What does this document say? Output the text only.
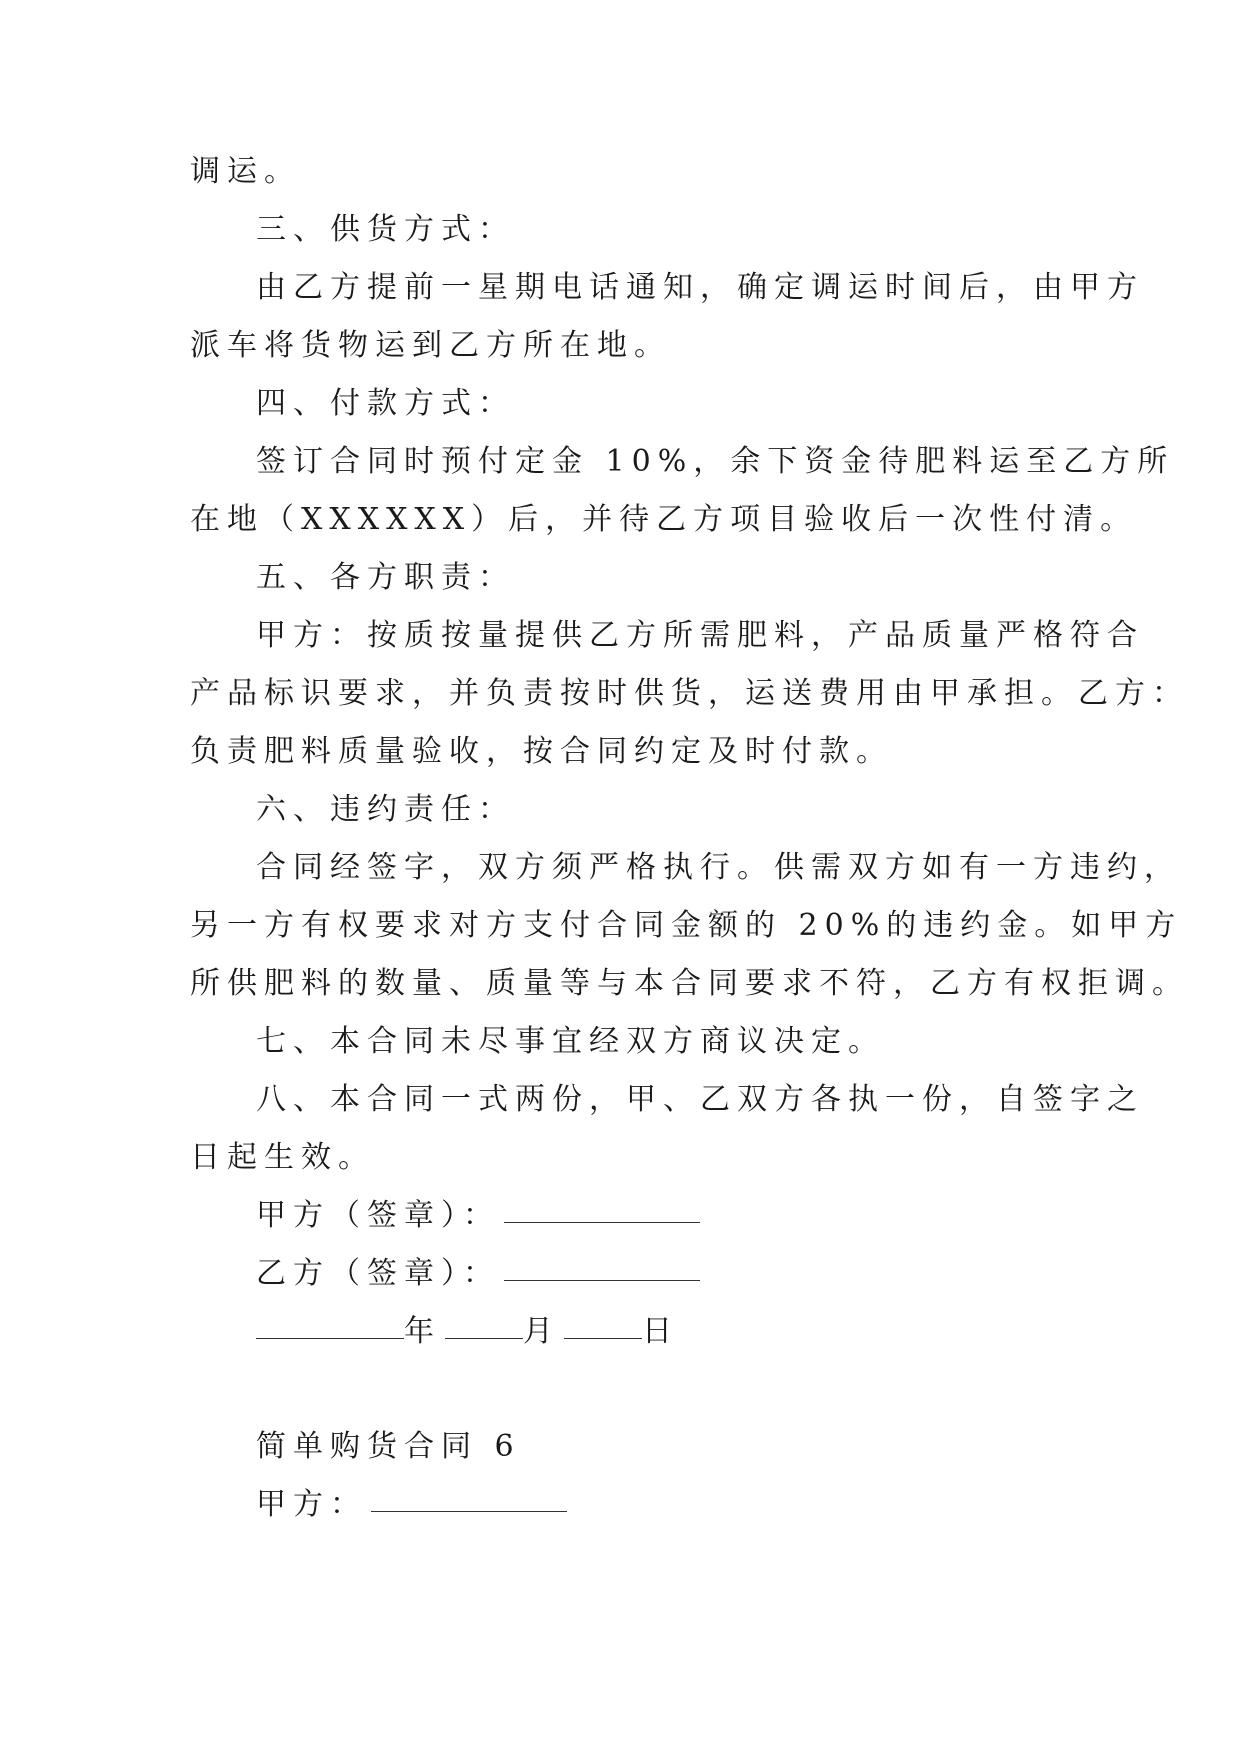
调运。
三、供货方式：
由乙方提前一星期电话通知，确定调运时间后，由甲方
派车将货物运到乙方所在地。
四、付款方式：
签订合同时预付定金 10%，余下资金待肥料运至乙方所
在地（XXXXXX）后，并待乙方项目验收后一次性付清。
五、各方职责：
甲方：按质按量提供乙方所需肥料，产品质量严格符合
产品标识要求，并负责按时供货，运送费用由甲承担。乙方：
负责肥料质量验收，按合同约定及时付款。
六、违约责任：
合同经签字，双方须严格执行。供需双方如有一方违约，
另一方有权要求对方支付合同金额的 20%的违约金。如甲方
所供肥料的数量、质量等与本合同要求不符，乙方有权拒调。
七、本合同未尽事宜经双方商议决定。
八、本合同一式两份，甲、乙双方各执一份，自签字之
日起生效。
甲方（签章）：
乙方（签章）：
年	月	日
简单购货合同 6
甲方：
